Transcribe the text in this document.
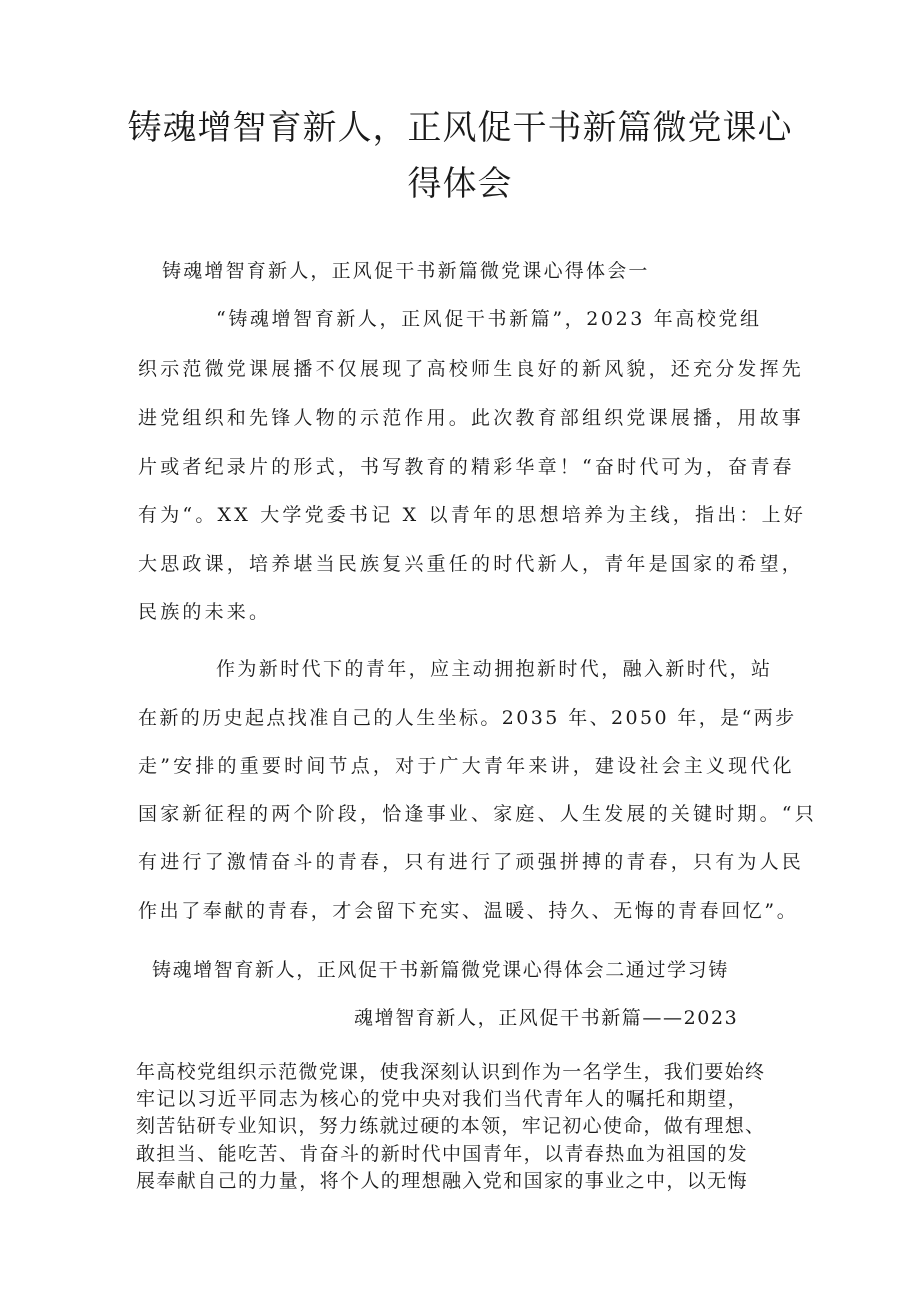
铸魂增智育新人，正风促干书新篇微党课心
得体会
铸魂增智育新人，正风促干书新篇微党课心得体会一
“铸魂增智育新人，正风促干书新篇”，2023 年高校党组
织示范微党课展播不仅展现了高校师生良好的新风貌，还充分发挥先
进党组织和先锋人物的示范作用。此次教育部组织党课展播，用故事
片或者纪录片的形式，书写教育的精彩华章！“奋时代可为，奋青春
有为“。XX 大学党委书记 X 以青年的思想培养为主线，指出：上好
大思政课，培养堪当民族复兴重任的时代新人，青年是国家的希望，
民族的未来。
作为新时代下的青年，应主动拥抱新时代，融入新时代，站
在新的历史起点找准自己的人生坐标。2035 年、2050 年，是“两步
走”安排的重要时间节点，对于广大青年来讲，建设社会主义现代化
国家新征程的两个阶段，恰逢事业、家庭、人生发展的关键时期。“只
有进行了激情奋斗的青春，只有进行了顽强拼搏的青春，只有为人民
作出了奉献的青春，才会留下充实、温暖、持久、无悔的青春回忆”。
铸魂增智育新人，正风促干书新篇微党课心得体会二通过学习铸
魂增智育新人，正风促干书新篇——2023
年高校党组织示范微党课，使我深刻认识到作为一名学生，我们要始终
牢记以习近平同志为核心的党中央对我们当代青年人的嘱托和期望，
刻苦钻研专业知识，努力练就过硬的本领，牢记初心使命，做有理想、
敢担当、能吃苦、肯奋斗的新时代中国青年，以青春热血为祖国的发
展奉献自己的力量，将个人的理想融入党和国家的事业之中，以无悔
